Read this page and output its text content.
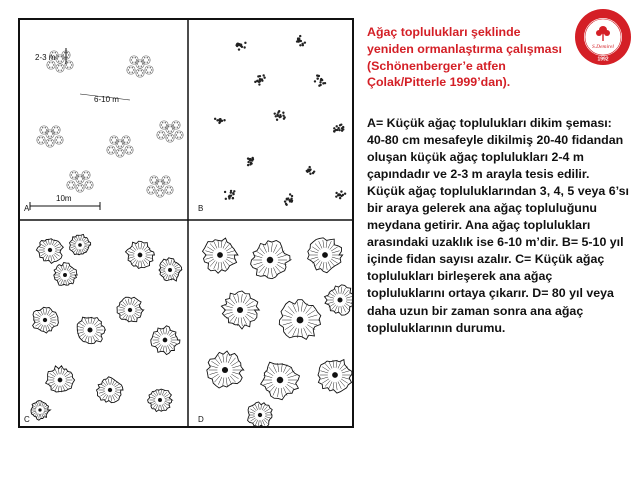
2-3 m
6-10 m
10m
A	B
C	D
Ağaç toplulukları şeklinde yeniden ormanlaştırma çalışması (Schönenberger’e atfen Çolak/Pitterle 1999’dan).
A= Küçük ağaç toplulukları dikim şeması: 40-80 cm mesafeyle dikilmiş 20-40 fidandan oluşan küçük ağaç toplulukları 2-4 m çapındadır ve 2-3 m arayla tesis edilir. Küçük ağaç topluluklarından 3, 4, 5 veya 6’sı bir araya gelerek ana ağaç topluluğunu meydana getirir. Ana ağaç toplulukları arasındaki uzaklık ise 6-10 m’dir. B= 5-10 yıl içinde fidan sayısı azalır. C= Küçük ağaç toplulukları birleşerek ana ağaç topluluklarını ortaya çıkarır. D= 80 yıl veya daha uzun bir zaman sonra ana ağaç topluluklarının durumu.
S.Demirel
1992
